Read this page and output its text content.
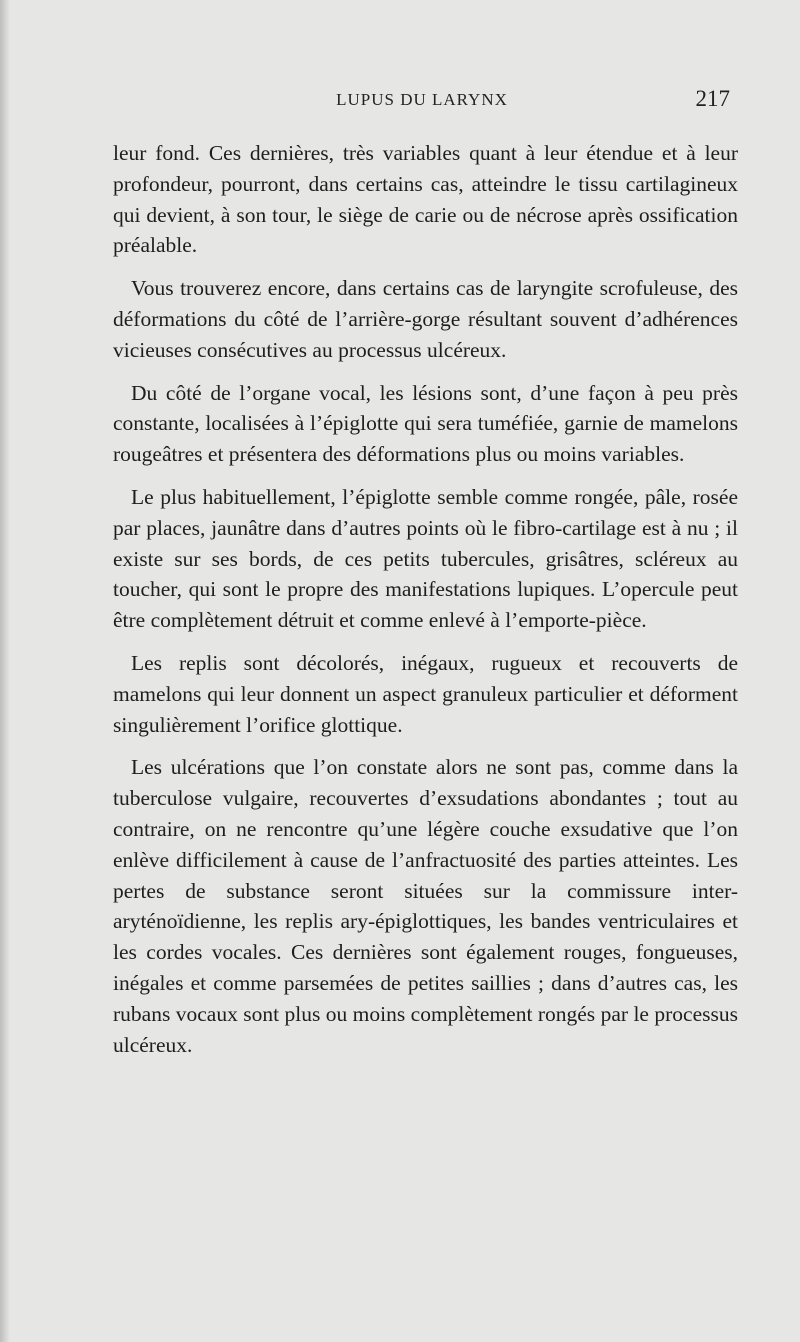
LUPUS DU LARYNX	217

leur fond. Ces dernières, très variables quant à leur étendue et à leur profondeur, pourront, dans certains cas, atteindre le tissu cartilagineux qui devient, à son tour, le siège de carie ou de nécrose après ossification préalable.

Vous trouverez encore, dans certains cas de laryngite scrofuleuse, des déformations du côté de l’arrière-gorge résultant souvent d’adhérences vicieuses consécutives au processus ulcéreux.

Du côté de l’organe vocal, les lésions sont, d’une façon à peu près constante, localisées à l’épiglotte qui sera tuméfiée, garnie de mamelons rougeâtres et présentera des déformations plus ou moins variables.

Le plus habituellement, l’épiglotte semble comme rongée, pâle, rosée par places, jaunâtre dans d’autres points où le fibro-cartilage est à nu ; il existe sur ses bords, de ces petits tubercules, grisâtres, scléreux au toucher, qui sont le propre des manifestations lupiques. L’opercule peut être complètement détruit et comme enlevé à l’emporte-pièce.

Les replis sont décolorés, inégaux, rugueux et recouverts de mamelons qui leur donnent un aspect granuleux particulier et déforment singulièrement l’orifice glottique.

Les ulcérations que l’on constate alors ne sont pas, comme dans la tuberculose vulgaire, recouvertes d’exsudations abondantes ; tout au contraire, on ne rencontre qu’une légère couche exsudative que l’on enlève difficilement à cause de l’anfractuosité des parties atteintes. Les pertes de substance seront situées sur la commissure inter-aryténoïdienne, les replis ary-épiglottiques, les bandes ventriculaires et les cordes vocales. Ces dernières sont également rouges, fongueuses, inégales et comme parsemées de petites saillies ; dans d’autres cas, les rubans vocaux sont plus ou moins complètement rongés par le processus ulcéreux.
